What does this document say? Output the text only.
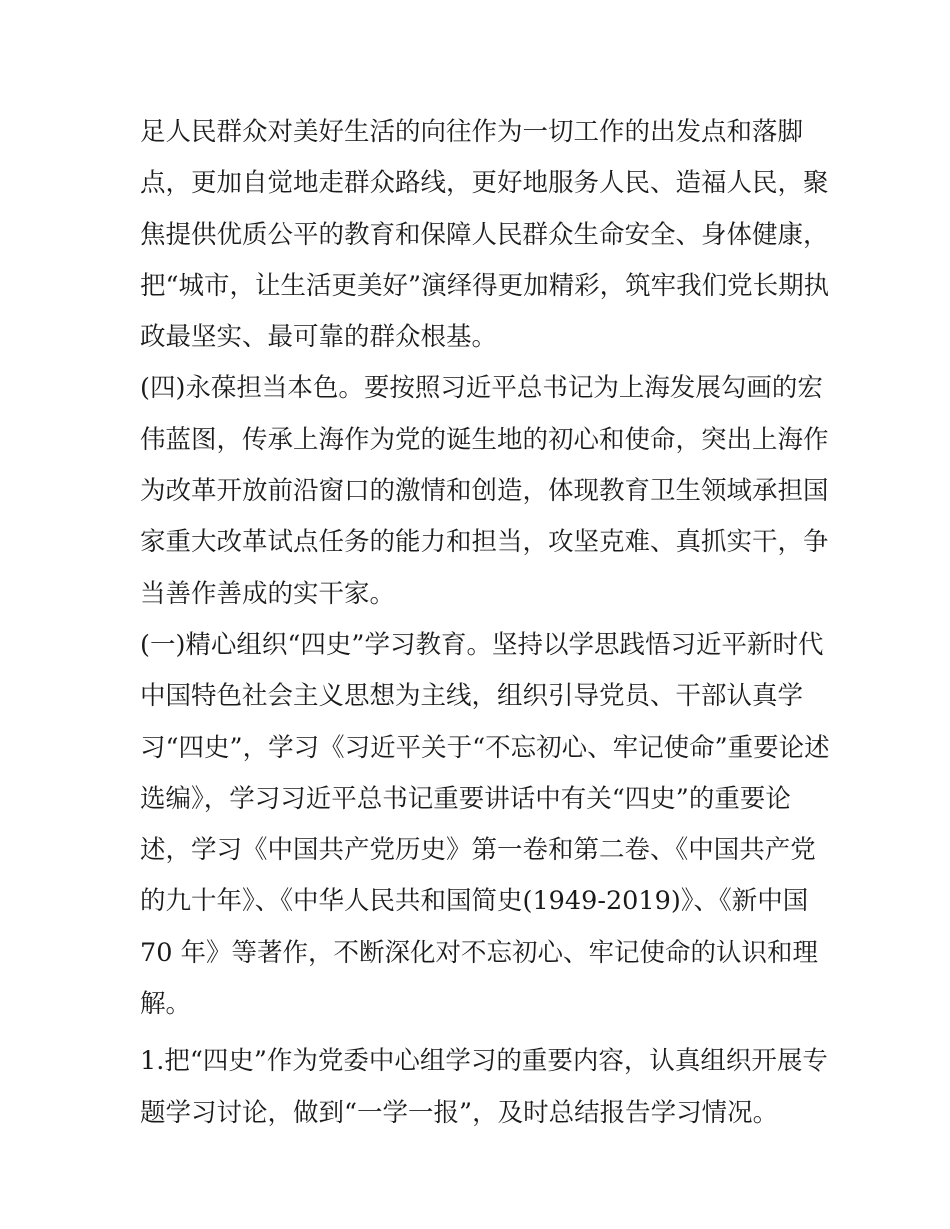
足人民群众对美好生活的向往作为一切工作的出发点和落脚
点，更加自觉地走群众路线，更好地服务人民、造福人民，聚
焦提供优质公平的教育和保障人民群众生命安全、身体健康，
把“城市，让生活更美好”演绎得更加精彩，筑牢我们党长期执
政最坚实、最可靠的群众根基。
(四)永葆担当本色。要按照习近平总书记为上海发展勾画的宏
伟蓝图，传承上海作为党的诞生地的初心和使命，突出上海作
为改革开放前沿窗口的激情和创造，体现教育卫生领域承担国
家重大改革试点任务的能力和担当，攻坚克难、真抓实干，争
当善作善成的实干家。
(一)精心组织“四史”学习教育。坚持以学思践悟习近平新时代
中国特色社会主义思想为主线，组织引导党员、干部认真学
习“四史”，学习《习近平关于“不忘初心、牢记使命”重要论述
选编》，学习习近平总书记重要讲话中有关“四史”的重要论
述，学习《中国共产党历史》第一卷和第二卷、《中国共产党
的九十年》、《中华人民共和国简史(1949-2019)》、《新中国
70 年》等著作，不断深化对不忘初心、牢记使命的认识和理
解。
1.把“四史”作为党委中心组学习的重要内容，认真组织开展专
题学习讨论，做到“一学一报”，及时总结报告学习情况。
